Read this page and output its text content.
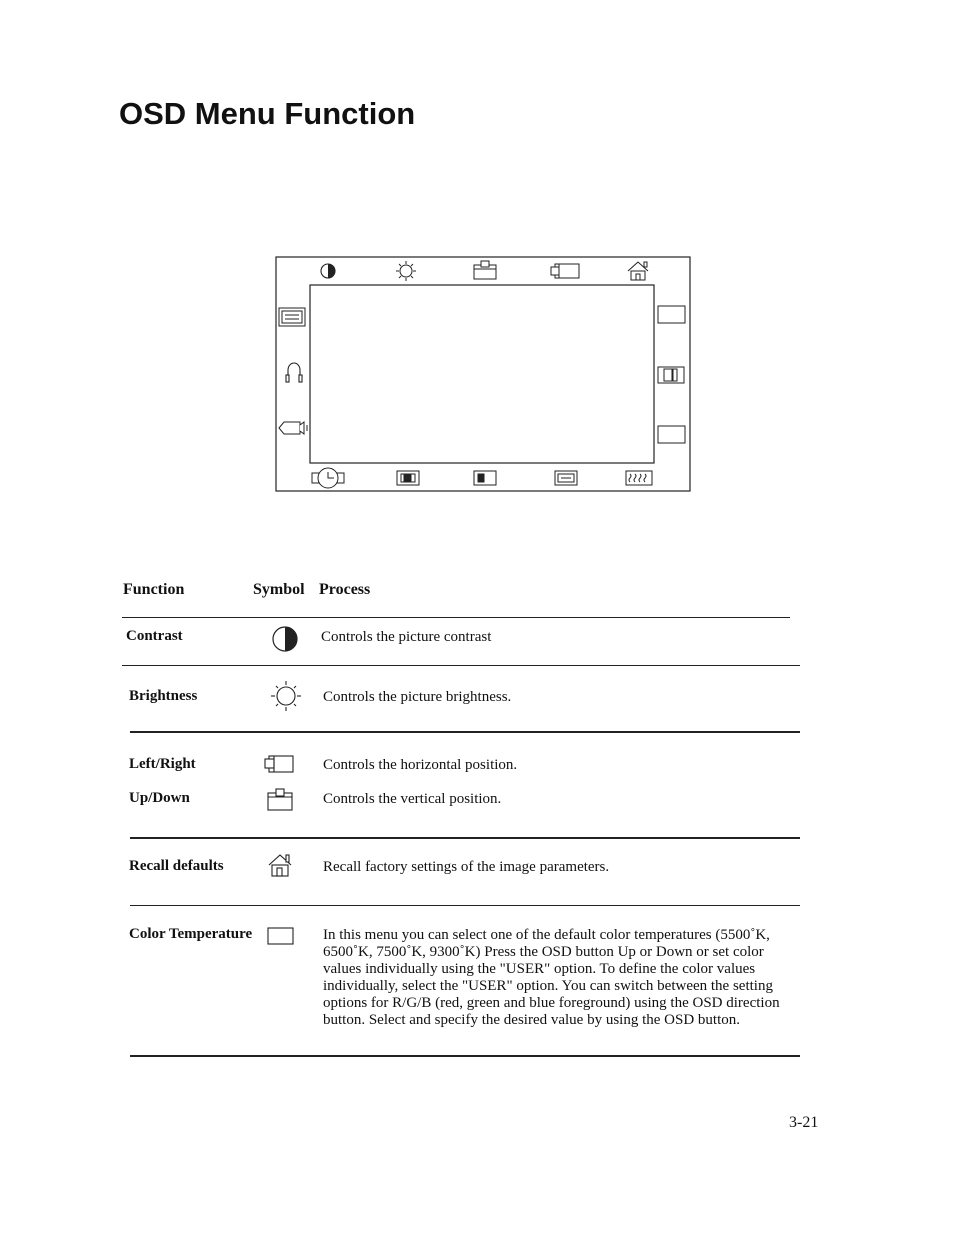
OSD Menu Function
Function	Symbol Process
Contrast	Controls the picture contrast
Brightness	Controls the picture brightness.
Left/Right	Controls the horizontal position.
Up/Down	Controls the vertical position.
Recall defaults	Recall factory settings of the image parameters.
Color Temperature	In this menu you can select one of the default color temperatures (5500˚K,
6500˚K, 7500˚K, 9300˚K) Press the OSD button Up or Down or set color
values individually using the "USER" option. To define the color values
individually, select the "USER" option. You can switch between the setting
options for R/G/B (red, green and blue foreground) using the OSD direction
button. Select and specify the desired value by using the OSD button.
3-21
